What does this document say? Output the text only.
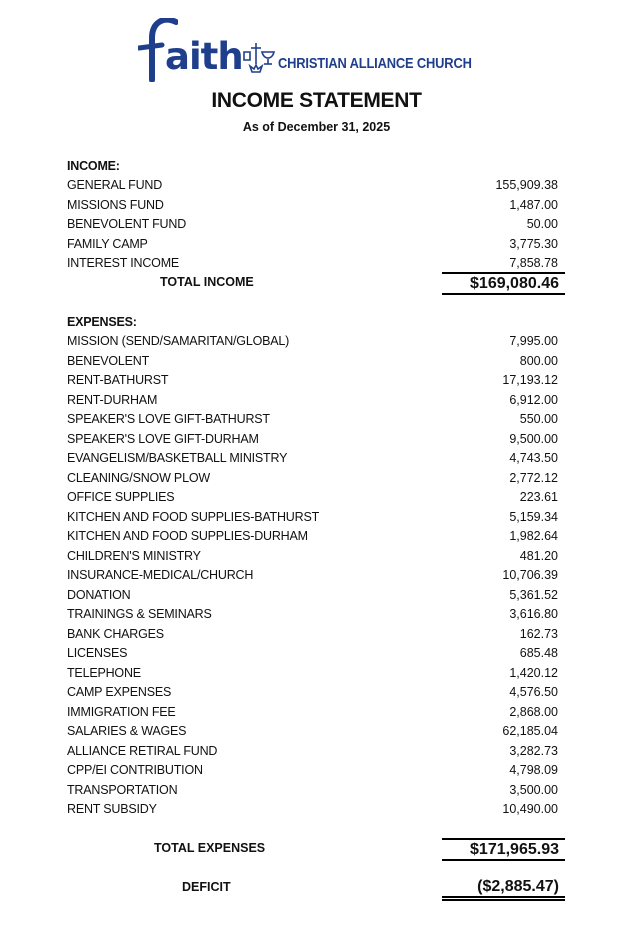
aith CHRISTIAN ALLIANCE CHURCH
INCOME STATEMENT
As of December 31, 2025
INCOME:
GENERAL FUND	155,909.38
MISSIONS FUND	1,487.00
BENEVOLENT FUND	50.00
FAMILY CAMP	3,775.30
INTEREST INCOME	7,858.78
TOTAL INCOME	$169,080.46
EXPENSES:
MISSION (SEND/SAMARITAN/GLOBAL)	7,995.00
BENEVOLENT	800.00
RENT-BATHURST	17,193.12
RENT-DURHAM	6,912.00
SPEAKER'S LOVE GIFT-BATHURST	550.00
SPEAKER'S LOVE GIFT-DURHAM	9,500.00
EVANGELISM/BASKETBALL MINISTRY	4,743.50
CLEANING/SNOW PLOW	2,772.12
OFFICE SUPPLIES	223.61
KITCHEN AND FOOD SUPPLIES-BATHURST	5,159.34
KITCHEN AND FOOD SUPPLIES-DURHAM	1,982.64
CHILDREN'S MINISTRY	481.20
INSURANCE-MEDICAL/CHURCH	10,706.39
DONATION	5,361.52
TRAININGS & SEMINARS	3,616.80
BANK CHARGES	162.73
LICENSES	685.48
TELEPHONE	1,420.12
CAMP EXPENSES	4,576.50
IMMIGRATION FEE	2,868.00
SALARIES & WAGES	62,185.04
ALLIANCE RETIRAL FUND	3,282.73
CPP/EI CONTRIBUTION	4,798.09
TRANSPORTATION	3,500.00
RENT SUBSIDY	10,490.00
TOTAL EXPENSES	$171,965.93
DEFICIT	($2,885.47)
